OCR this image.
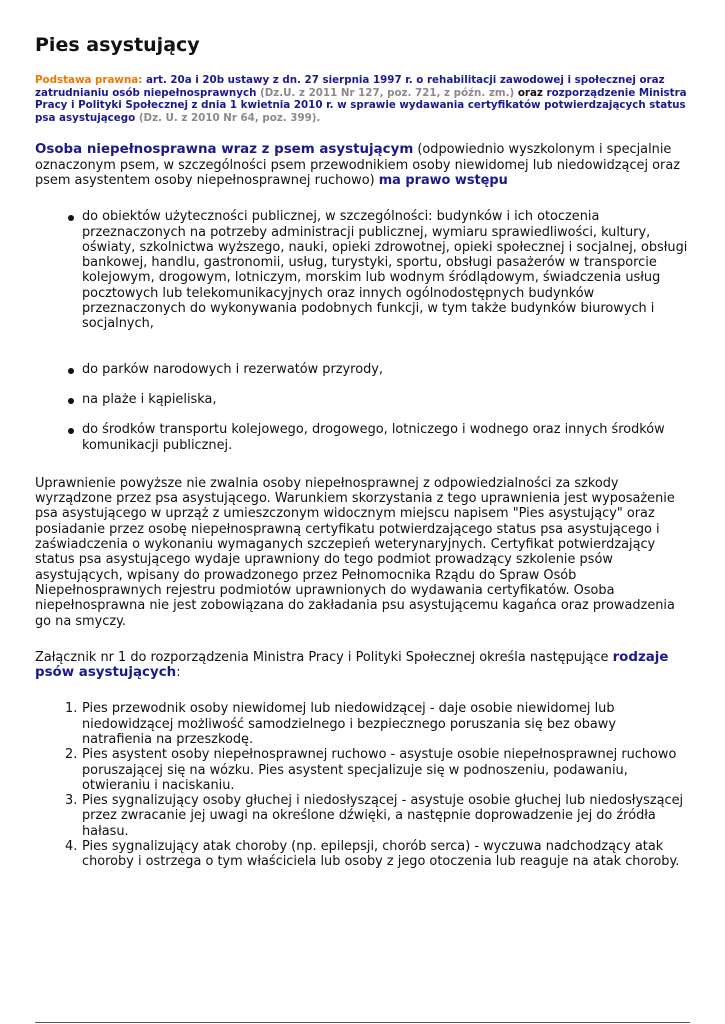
Pies asystujący

Podstawa prawna: art. 20a i 20b ustawy z dn. 27 sierpnia 1997 r. o rehabilitacji zawodowej i społecznej oraz zatrudnianiu osób niepełnosprawnych (Dz.U. z 2011 Nr 127, poz. 721, z późn. zm.) oraz rozporządzenie Ministra Pracy i Polityki Społecznej z dnia 1 kwietnia 2010 r. w sprawie wydawania certyfikatów potwierdzających status psa asystującego (Dz. U. z 2010 Nr 64, poz. 399).

Osoba niepełnosprawna wraz z psem asystującym (odpowiednio wyszkolonym i specjalnie oznaczonym psem, w szczególności psem przewodnikiem osoby niewidomej lub niedowidzącej oraz psem asystentem osoby niepełnosprawnej ruchowo) ma prawo wstępu

do obiektów użyteczności publicznej, w szczególności: budynków i ich otoczenia przeznaczonych na potrzeby administracji publicznej, wymiaru sprawiedliwości, kultury, oświaty, szkolnictwa wyższego, nauki, opieki zdrowotnej, opieki społecznej i socjalnej, obsługi bankowej, handlu, gastronomii, usług, turystyki, sportu, obsługi pasażerów w transporcie kolejowym, drogowym, lotniczym, morskim lub wodnym śródlądowym, świadczenia usług pocztowych lub telekomunikacyjnych oraz innych ogólnodostępnych budynków przeznaczonych do wykonywania podobnych funkcji, w tym także budynków biurowych i socjalnych,
do parków narodowych i rezerwatów przyrody,
na plaże i kąpieliska,
do środków transportu kolejowego, drogowego, lotniczego i wodnego oraz innych środków komunikacji publicznej.

Uprawnienie powyższe nie zwalnia osoby niepełnosprawnej z odpowiedzialności za szkody wyrządzone przez psa asystującego. Warunkiem skorzystania z tego uprawnienia jest wyposażenie psa asystującego w uprząż z umieszczonym widocznym miejscu napisem "Pies asystujący" oraz posiadanie przez osobę niepełnosprawną certyfikatu potwierdzającego status psa asystującego i zaświadczenia o wykonaniu wymaganych szczepień weterynaryjnych. Certyfikat potwierdzający status psa asystującego wydaje uprawniony do tego podmiot prowadzący szkolenie psów asystujących, wpisany do prowadzonego przez Pełnomocnika Rządu do Spraw Osób Niepełnosprawnych rejestru podmiotów uprawnionych do wydawania certyfikatów. Osoba niepełnosprawna nie jest zobowiązana do zakładania psu asystującemu kagańca oraz prowadzenia go na smyczy.

Załącznik nr 1 do rozporządzenia Ministra Pracy i Polityki Społecznej określa następujące rodzaje psów asystujących:

1. Pies przewodnik osoby niewidomej lub niedowidzącej - daje osobie niewidomej lub niedowidzącej możliwość samodzielnego i bezpiecznego poruszania się bez obawy natrafienia na przeszkodę.
2. Pies asystent osoby niepełnosprawnej ruchowo - asystuje osobie niepełnosprawnej ruchowo poruszającej się na wózku. Pies asystent specjalizuje się w podnoszeniu, podawaniu, otwieraniu i naciskaniu.
3. Pies sygnalizujący osoby głuchej i niedosłyszącej - asystuje osobie głuchej lub niedosłyszącej przez zwracanie jej uwagi na określone dźwięki, a następnie doprowadzenie jej do źródła hałasu.
4. Pies sygnalizujący atak choroby (np. epilepsji, chorób serca) - wyczuwa nadchodzący atak choroby i ostrzega o tym właściciela lub osoby z jego otoczenia lub reaguje na atak choroby.
